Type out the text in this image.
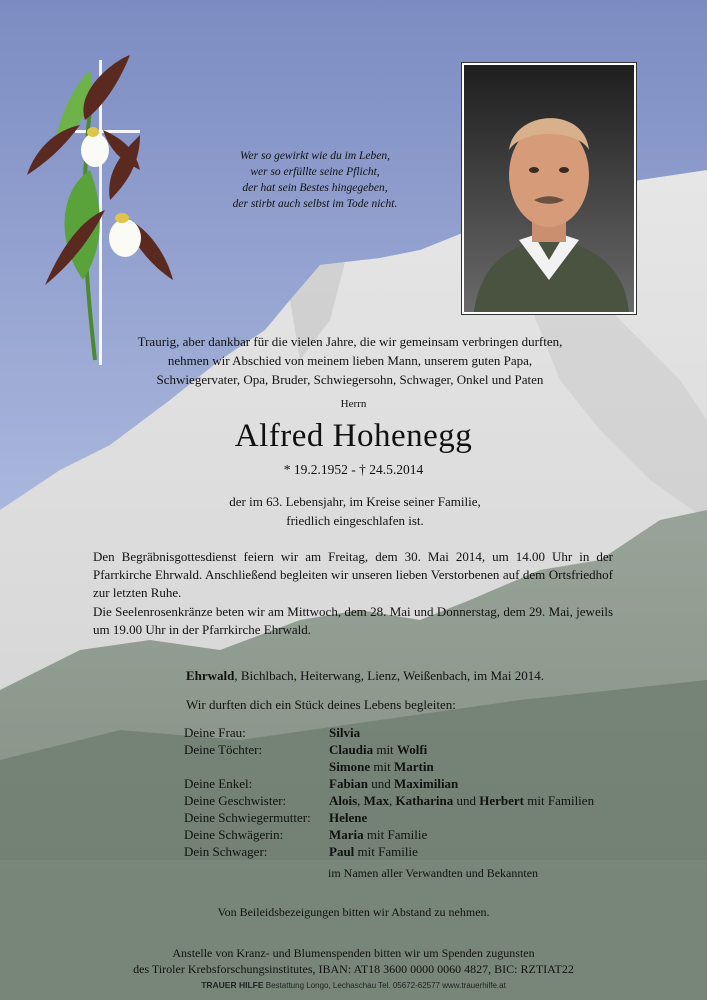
Wer so gewirkt wie du im Leben,
wer so erfüllte seine Pflicht,
der hat sein Bestes hingegeben,
der stirbt auch selbst im Tode nicht.
Traurig, aber dankbar für die vielen Jahre, die wir gemeinsam verbringen durften,
nehmen wir Abschied von meinem lieben Mann, unserem guten Papa,
Schwiegervater, Opa, Bruder, Schwiegersohn, Schwager, Onkel und Paten
Herrn
Alfred Hohenegg
* 19.2.1952 - † 24.5.2014
der im 63. Lebensjahr, im Kreise seiner Familie,
friedlich eingeschlafen ist.
Den Begräbnisgottesdienst feiern wir am Freitag, dem 30. Mai 2014, um 14.00 Uhr in der Pfarrkirche Ehrwald. Anschließend begleiten wir unseren lieben Verstorbenen auf dem Ortsfriedhof zur letzten Ruhe.
Die Seelenrosenkränze beten wir am Mittwoch, dem 28. Mai und Donnerstag, dem 29. Mai, jeweils um 19.00 Uhr in der Pfarrkirche Ehrwald.
Ehrwald, Bichlbach, Heiterwang, Lienz, Weißenbach, im Mai 2014.
Wir durften dich ein Stück deines Lebens begleiten:
Deine Frau:	Silvia
Deine Töchter:	Claudia mit Wolfi
	Simone mit Martin
Deine Enkel:	Fabian und Maximilian
Deine Geschwister:	Alois, Max, Katharina und Herbert mit Familien
Deine Schwiegermutter:	Helene
Deine Schwägerin:	Maria mit Familie
Dein Schwager:	Paul mit Familie
im Namen aller Verwandten und Bekannten
Von Beileidsbezeigungen bitten wir Abstand zu nehmen.
Anstelle von Kranz- und Blumenspenden bitten wir um Spenden zugunsten
des Tiroler Krebsforschungsinstitutes, IBAN: AT18 3600 0000 0060 4827, BIC: RZTIAT22
TRAUER HILFE Bestattung Longo, Lechaschau Tel. 05672-62577 www.trauerhilfe.at
